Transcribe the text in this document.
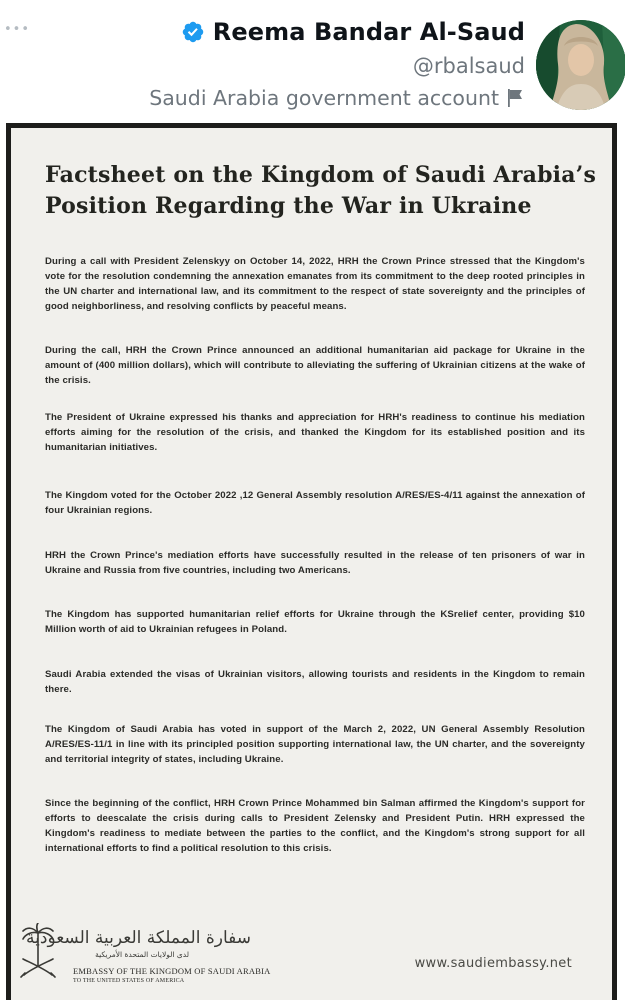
•••	Reema Bandar Al-Saud
@rbalsaud
Saudi Arabia government account
Factsheet on the Kingdom of Saudi Arabia’s
Position Regarding the War in Ukraine

During a call with President Zelenskyy on October 14, 2022, HRH the Crown Prince stressed that the Kingdom's vote for the resolution condemning the annexation emanates from its commitment to the deep rooted principles in the UN charter and international law, and its commitment to the respect of state sovereignty and the principles of good neighborliness, and resolving conflicts by peaceful means.

During the call, HRH the Crown Prince announced an additional humanitarian aid package for Ukraine in the amount of (400 million dollars), which will contribute to alleviating the suffering of Ukrainian citizens at the wake of the crisis.

The President of Ukraine expressed his thanks and appreciation for HRH's readiness to continue his mediation efforts aiming for the resolution of the crisis, and thanked the Kingdom for its established position and its humanitarian initiatives.

The Kingdom voted for the October 2022 ,12 General Assembly resolution A/RES/ES-4/11 against the annexation of four Ukrainian regions.

HRH the Crown Prince's mediation efforts have successfully resulted in the release of ten prisoners of war in Ukraine and Russia from five countries, including two Americans.

The Kingdom has supported humanitarian relief efforts for Ukraine through the KSrelief center, providing $10 Million worth of aid to Ukrainian refugees in Poland.

Saudi Arabia extended the visas of Ukrainian visitors, allowing tourists and residents in the Kingdom to remain there.

The Kingdom of Saudi Arabia has voted in support of the March 2, 2022, UN General Assembly Resolution A/RES/ES-11/1 in line with its principled position supporting international law, the UN charter, and the sovereignty and territorial integrity of states, including Ukraine.

Since the beginning of the conflict, HRH Crown Prince Mohammed bin Salman affirmed the Kingdom's support for efforts to deescalate the crisis during calls to President Zelensky and President Putin. HRH expressed the Kingdom's readiness to mediate between the parties to the conflict, and the Kingdom's strong support for all international efforts to find a political resolution to this crisis.

سفارة المملكة العربية السعودية
لدى الولايات المتحدة الأمريكية
EMBASSY OF THE KINGDOM OF SAUDI ARABIA
TO THE UNITED STATES OF AMERICA
www.saudiembassy.net
